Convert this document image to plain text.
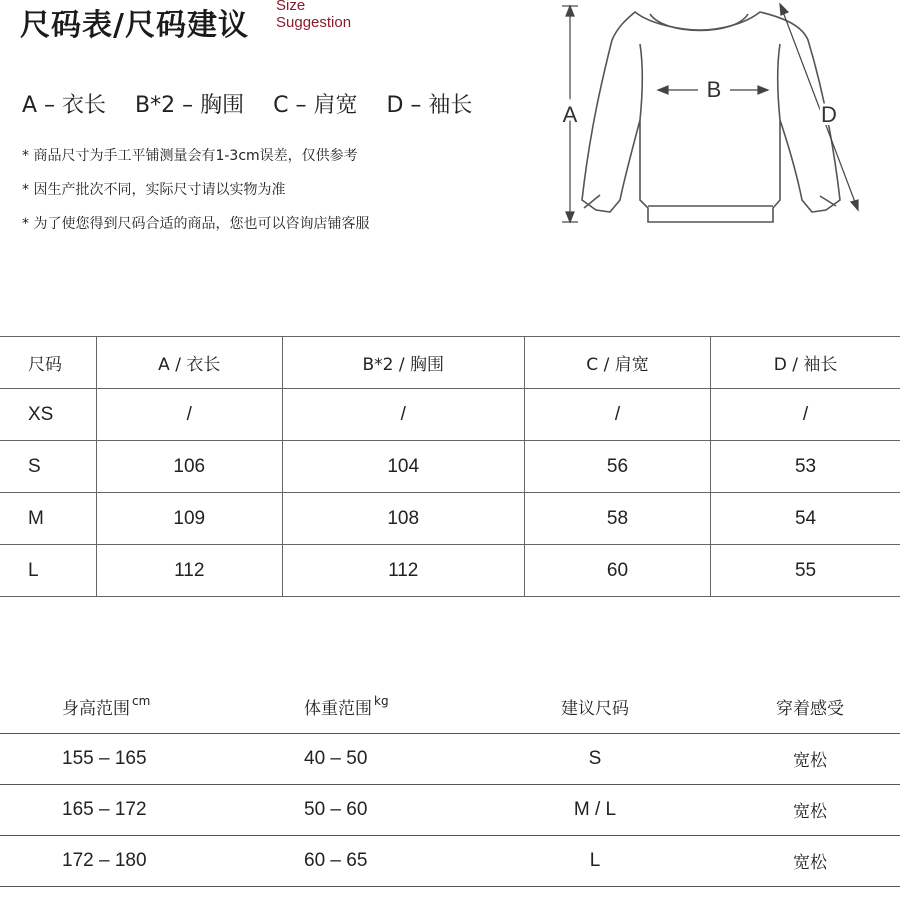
尺码表/尺码建议
Size
Suggestion
A – 衣长 B*2 – 胸围 C – 肩宽 D – 袖长
* 商品尺寸为手工平铺测量会有1-3cm误差，仅供参考
* 因生产批次不同，实际尺寸请以实物为准
* 为了使您得到尺码合适的商品，您也可以咨询店铺客服
A
B
D
尺码	A / 衣长	B*2 / 胸围	C / 肩宽	D / 袖长
XS	/	/	/	/
S	106	104	56	53
M	109	108	58	54
L	112	112	60	55
身高范围 $^{cm}$	体重范围 $^{kg}$	建议尺码	穿着感受
155 – 165	40 – 50	S	宽松
165 – 172	50 – 60	M / L	宽松
172 – 180	60 – 65	L	宽松
